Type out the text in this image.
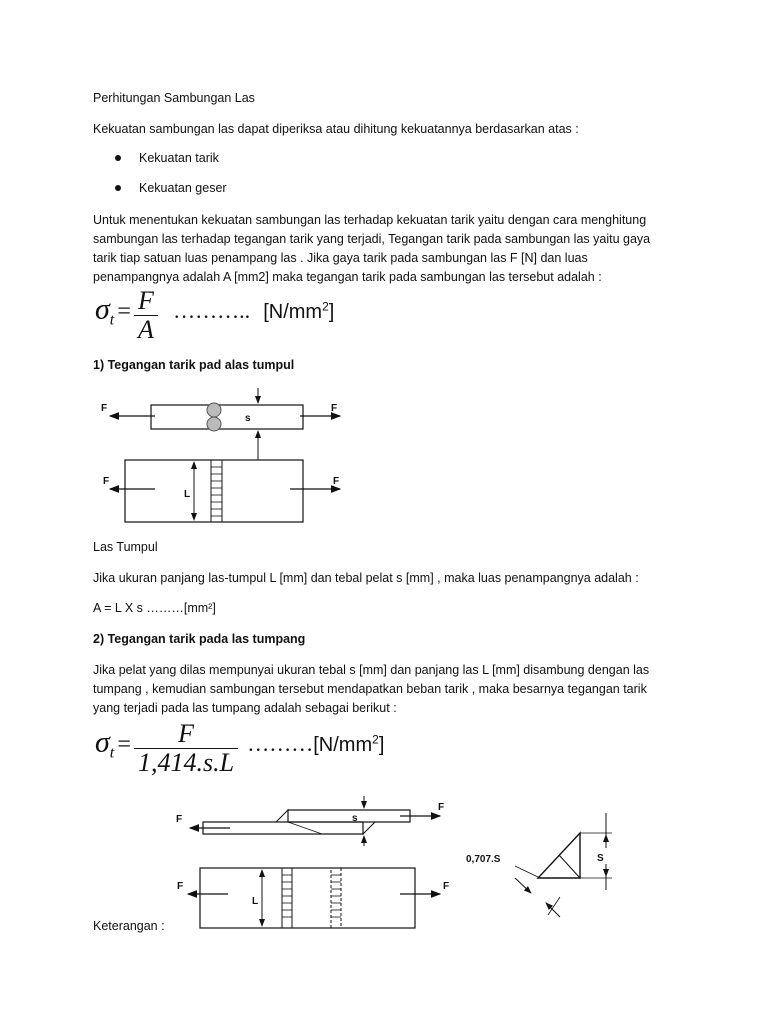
Perhitungan Sambungan Las
Kekuatan sambungan las dapat diperiksa atau dihitung kekuatannya berdasarkan atas :
Kekuatan tarik
Kekuatan geser
Untuk menentukan kekuatan sambungan las terhadap kekuatan tarik yaitu dengan cara menghitung
sambungan las terhadap tegangan tarik yang terjadi, Tegangan tarik pada sambungan las yaitu gaya
tarik tiap satuan luas penampang las . Jika gaya tarik pada sambungan las F [N] dan luas
penampangnya adalah A [mm2] maka tegangan tarik pada sambungan las tersebut adalah :
$\sigma t = \frac{F}{A}$ ……….. $[N/mm^2]$
1) Tegangan tarik pad alas tumpul
F	F
s
L
F	F
Las Tumpul
Jika ukuran panjang las-tumpul L [mm] dan tebal pelat s [mm] , maka luas penampangnya adalah :
A = L X s ………[mm²]
2) Tegangan tarik pada las tumpang
Jika pelat yang dilas mempunyai ukuran tebal s [mm] dan panjang las L [mm] disambung dengan las
tumpang , kemudian sambungan tersebut mendapatkan beban tarik , maka besarnya tegangan tarik
yang terjadi pada las tumpang adalah sebagai berikut :
$\sigma t = \frac{F}{1,414.s.L}$ $\dots\dots\dots[N/mm^2]$
F
F
s
L
F	F
S
0,707.S
Keterangan :
